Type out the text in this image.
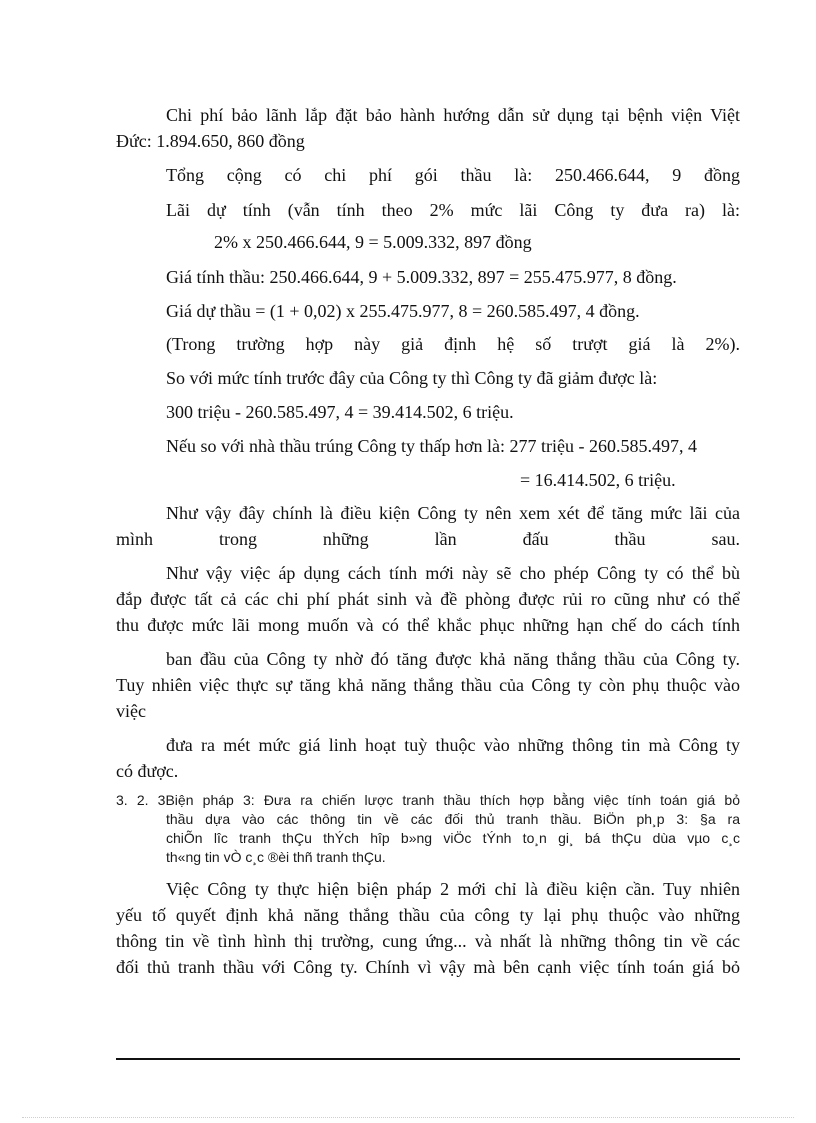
Chi phí bảo lãnh lắp đặt bảo hành hướng dẫn sử dụng tại bệnh viện Việt
Đức: 1.894.650, 860 đồng
Tổng cộng có chi phí gói thầu là: 250.466.644, 9 đồng
Lãi dự tính (vẫn tính theo 2% mức lãi Công ty đưa ra) là:
2% x 250.466.644, 9 = 5.009.332, 897 đồng
Giá tính thầu: 250.466.644, 9 + 5.009.332, 897 = 255.475.977, 8 đồng.
Giá dự thầu = (1 + 0,02) x 255.475.977, 8 = 260.585.497, 4 đồng.
(Trong trường hợp này giả định hệ số trượt giá là 2%).
So với mức tính trước đây của Công ty thì Công ty đã giảm được là:
300 triệu - 260.585.497, 4 = 39.414.502, 6 triệu.
Nếu so với nhà thầu trúng Công ty thấp hơn là: 277 triệu - 260.585.497, 4
= 16.414.502, 6 triệu.
Như vậy đây chính là điều kiện Công ty nên xem xét để tăng mức lãi của
mình trong những lần đấu thầu sau.
Như vậy việc áp dụng cách tính mới này sẽ cho phép Công ty có thể bù
đắp được tất cả các chi phí phát sinh và đề phòng được rủi ro cũng như có thể
thu được mức lãi mong muốn và có thể khắc phục những hạn chế do cách tính
ban đầu của Công ty nhờ đó tăng được khả năng thắng thầu của Công ty.
Tuy nhiên việc thực sự tăng khả năng thắng thầu của Công ty còn phụ thuộc vào
việc
đưa ra mét mức giá linh hoạt tuỳ thuộc vào những thông tin mà Công ty
có được.
3. 2. 3Biện pháp 3: Đưa ra chiến lược tranh thầu thích hợp bằng việc tính toán giá bỏ
thầu dựa vào các thông tin về các đối thủ tranh thầu. BiÖn ph¸p 3: §a ra
chiÕn lîc tranh thÇu thÝch hîp b»ng viÖc tÝnh to¸n gi¸ bá thÇu dùa vµo c¸c
th«ng tin vÒ c¸c ®èi thñ tranh thÇu.
Việc Công ty thực hiện biện pháp 2 mới chỉ là điều kiện cần. Tuy nhiên
yếu tố quyết định khả năng thắng thầu của công ty lại phụ thuộc vào những
thông tin về tình hình thị trường, cung ứng... và nhất là những thông tin về các
đối thủ tranh thầu với Công ty. Chính vì vậy mà bên cạnh việc tính toán giá bỏ
